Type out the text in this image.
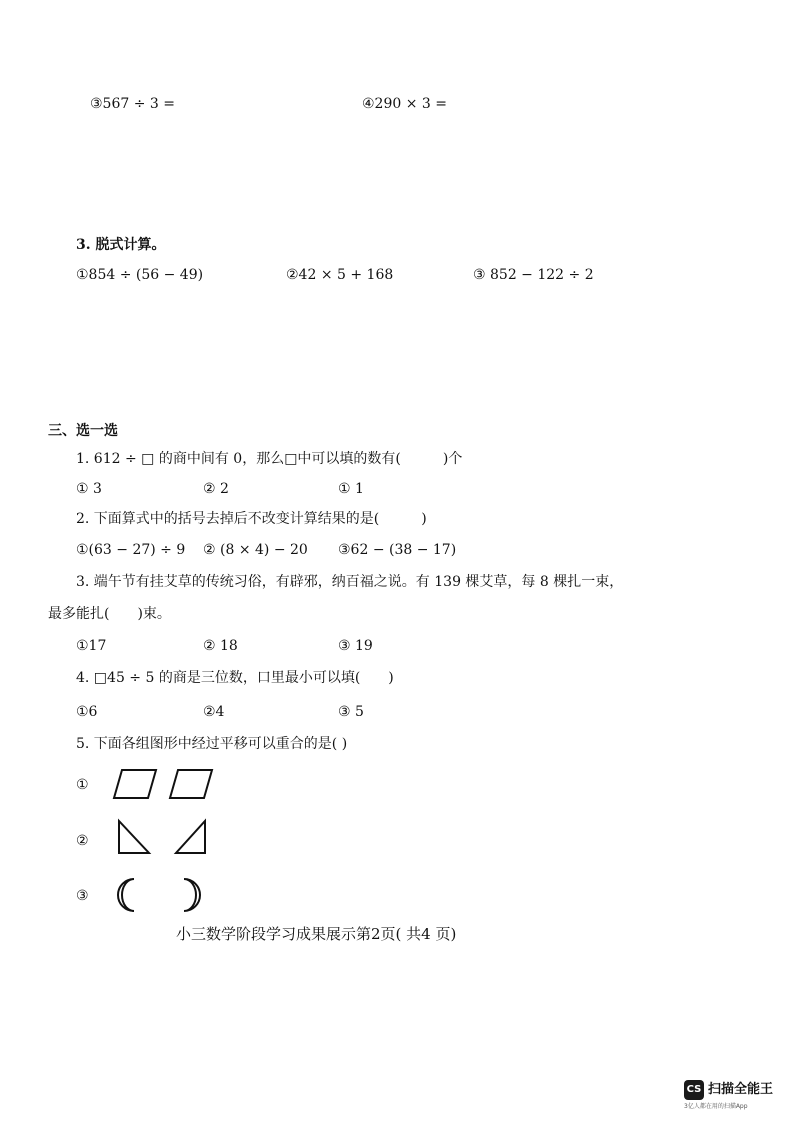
③567 ÷ 3 =	④290 × 3 =
3. 脱式计算。
①854 ÷ (56 − 49)	②42 × 5 + 168	③ 852 − 122 ÷ 2
三、选一选
1. 612 ÷ □ 的商中间有 0，那么□中可以填的数有(　　　)个
① 3	② 2	① 1
2. 下面算式中的括号去掉后不改变计算结果的是(　　　)
①(63 − 27) ÷ 9 ② (8 × 4) − 20 ③62 − (38 − 17)
3. 端午节有挂艾草的传统习俗，有辟邪，纳百福之说。有 139 棵艾草，每 8 棵扎一束，
最多能扎(　　)束。
①17	② 18	③ 19
4. □45 ÷ 5 的商是三位数，口里最小可以填(　　)
①6	②4	③ 5
5. 下面各组图形中经过平移可以重合的是( )
①
②
③
小三数学阶段学习成果展示第2页( 共4 页)
CS 扫描全能王
3亿人都在用的扫描App
